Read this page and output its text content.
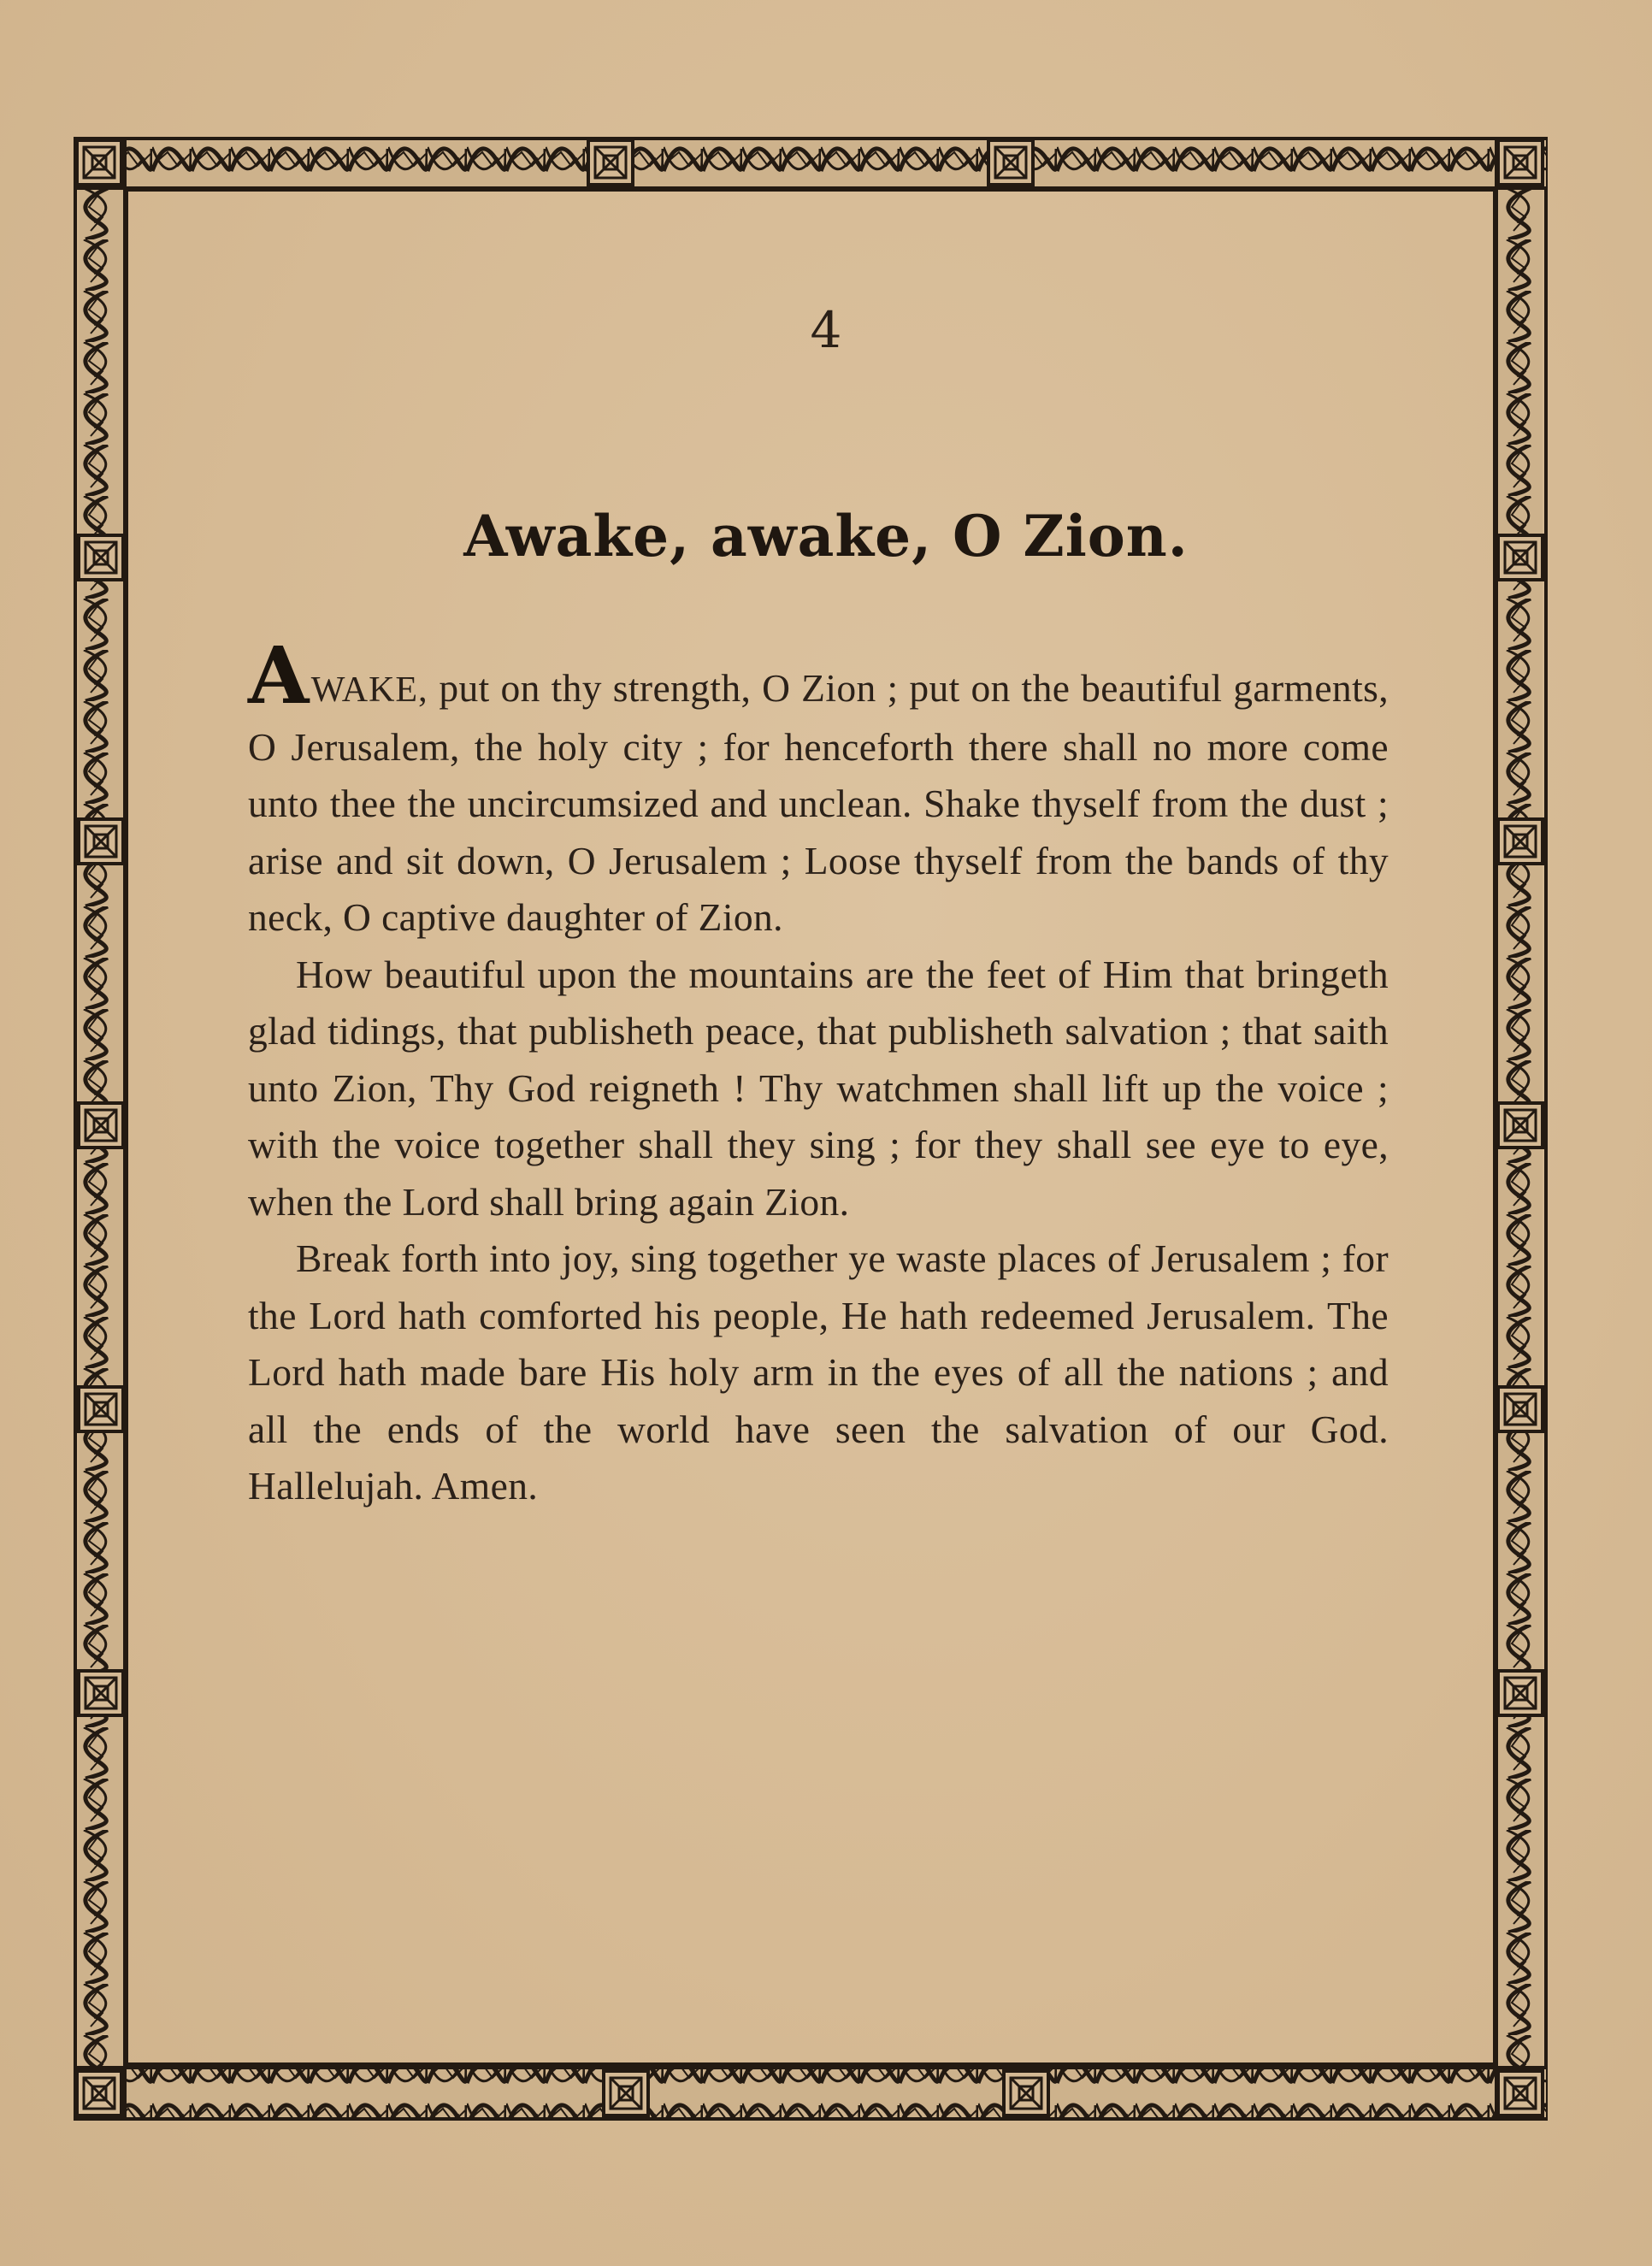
4
Awake, awake, O Zion.

AWAKE, put on thy strength, O Zion ; put on the beautiful garments, O Jerusalem, the holy city ; for henceforth there shall no more come unto thee the uncircumsized and unclean. Shake thyself from the dust ; arise and sit down, O Jerusalem ; Loose thyself from the bands of thy neck, O captive daughter of Zion.

How beautiful upon the mountains are the feet of Him that bringeth glad tidings, that publisheth peace, that publisheth salvation ; that saith unto Zion, Thy God reigneth ! Thy watchmen shall lift up the voice ; with the voice together shall they sing ; for they shall see eye to eye, when the Lord shall bring again Zion.

Break forth into joy, sing together ye waste places of Jerusalem ; for the Lord hath comforted his people, He hath redeemed Jerusalem. The Lord hath made bare His holy arm in the eyes of all the nations ; and all the ends of the world have seen the salvation of our God. Hallelujah. Amen.
